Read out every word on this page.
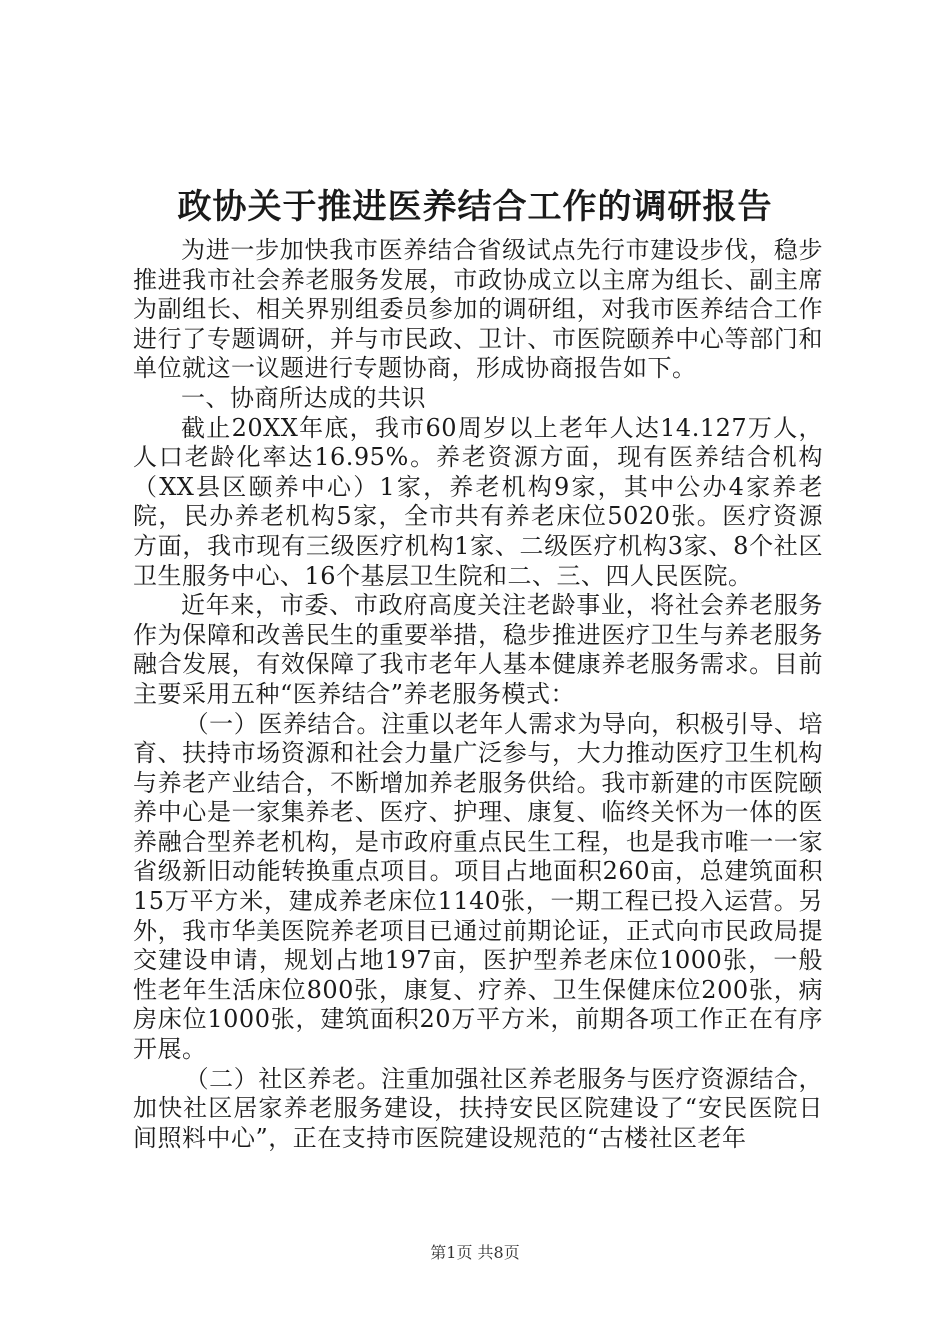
政协关于推进医养结合工作的调研报告

为进一步加快我市医养结合省级试点先行市建设步伐，稳步推进我市社会养老服务发展，市政协成立以主席为组长、副主席为副组长、相关界别组委员参加的调研组，对我市医养结合工作进行了专题调研，并与市民政、卫计、市医院颐养中心等部门和单位就这一议题进行专题协商，形成协商报告如下。

一、协商所达成的共识

截止20XX年底，我市60周岁以上老年人达14.127万人，人口老龄化率达16.95%。养老资源方面，现有医养结合机构（XX县区颐养中心）1家，养老机构9家，其中公办4家养老院，民办养老机构5家，全市共有养老床位5020张。医疗资源方面，我市现有三级医疗机构1家、二级医疗机构3家、8个社区卫生服务中心、16个基层卫生院和二、三、四人民医院。

近年来，市委、市政府高度关注老龄事业，将社会养老服务作为保障和改善民生的重要举措，稳步推进医疗卫生与养老服务融合发展，有效保障了我市老年人基本健康养老服务需求。目前主要采用五种“医养结合”养老服务模式：

（一）医养结合。注重以老年人需求为导向，积极引导、培育、扶持市场资源和社会力量广泛参与，大力推动医疗卫生机构与养老产业结合，不断增加养老服务供给。我市新建的市医院颐养中心是一家集养老、医疗、护理、康复、临终关怀为一体的医养融合型养老机构，是市政府重点民生工程，也是我市唯一一家省级新旧动能转换重点项目。项目占地面积260亩，总建筑面积15万平方米，建成养老床位1140张，一期工程已投入运营。另外，我市华美医院养老项目已通过前期论证，正式向市民政局提交建设申请，规划占地197亩，医护型养老床位1000张，一般性老年生活床位800张，康复、疗养、卫生保健床位200张，病房床位1000张，建筑面积20万平方米，前期各项工作正在有序开展。

（二）社区养老。注重加强社区养老服务与医疗资源结合，加快社区居家养老服务建设，扶持安民区院建设了“安民医院日间照料中心”，正在支持市医院建设规范的“古楼社区老年

第1页 共8页
